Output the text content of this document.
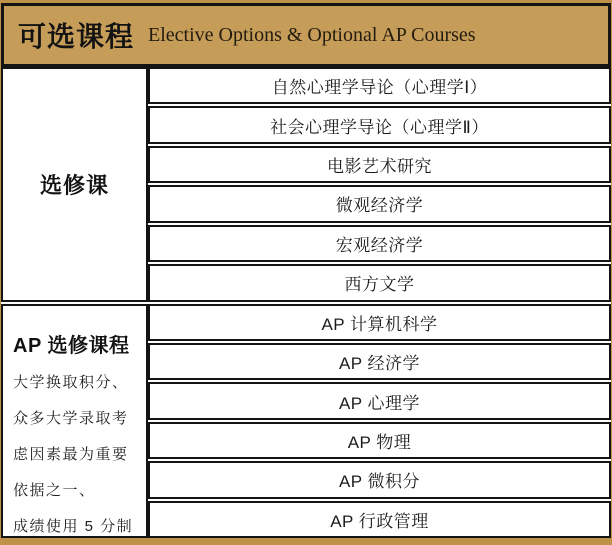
可选课程 Elective Options & Optional AP Courses
选修课
自然心理学导论（心理学Ⅰ）
社会心理学导论（心理学Ⅱ）
电影艺术研究
微观经济学
宏观经济学
西方文学
AP 选修课程
大学换取积分、
众多大学录取考
虑因素最为重要
依据之一、
成绩使用 5 分制
AP 计算机科学
AP 经济学
AP 心理学
AP 物理
AP 微积分
AP 行政管理
